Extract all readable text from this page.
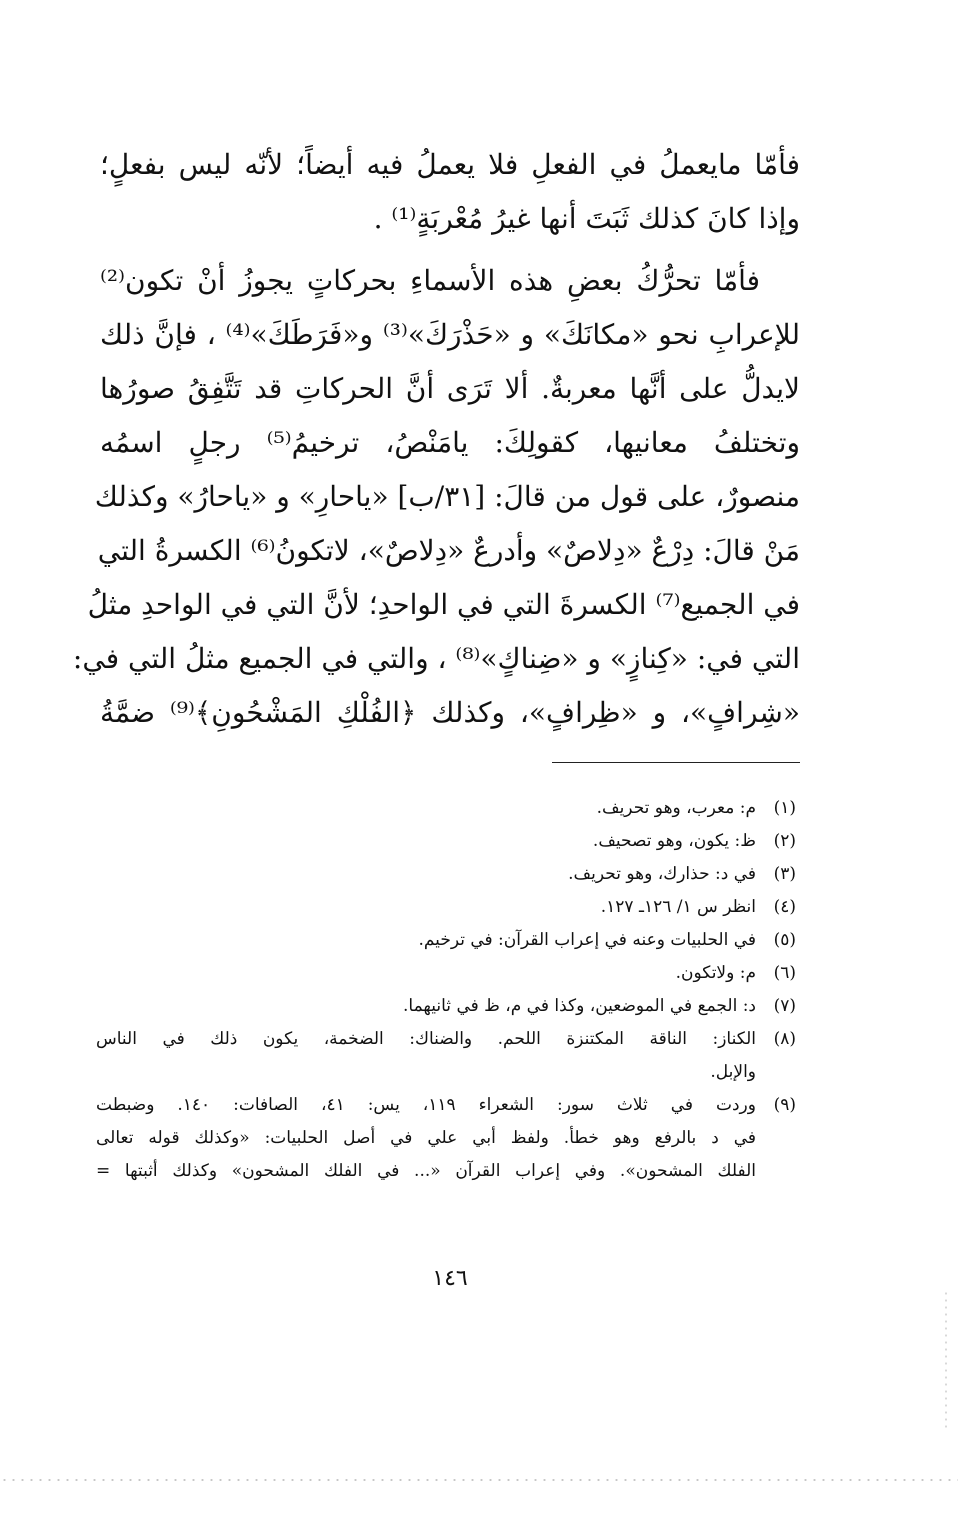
فأمّا مايعملُ في الفعلِ فلا يعملُ فيه أيضاً؛ لأنّه ليس بفعلٍ؛
وإذا كانَ كذلك ثَبَتَ أنها غيرُ مُعْربَةٍ⁽¹⁾ .

فأمّا تحرُّكُ بعضِ هذه الأسماءِ بحركاتٍ يجوزُ أنْ تكون⁽²⁾
للإعرابِ نحو «مكانَكَ» و «حَذْرَكَ»⁽³⁾ و«فَرَطَكَ»⁽⁴⁾ ، فإنَّ ذلك
لايدلُّ على أنَّها معربةٌ. ألا تَرَى أنَّ الحركاتِ قد تَتَّفِقُ صورُها
وتختلفُ معانيها، كقولِكَ: يامَنْصُ، ترخيمُ⁽⁵⁾ رجلٍ اسمُه
منصورٌ، على قول من قالَ: [٣١/ب] «ياحارِ» و «ياحارُ» وكذلك
مَنْ قالَ: دِرْعٌ «دِلاصٌ» وأدرعٌ «دِلاصٌ»، لاتكونُ⁽⁶⁾ الكسرةُ التي
في الجميع⁽⁷⁾ الكسرةَ التي في الواحدِ؛ لأنَّ التي في الواحدِ مثلُ
التي في: «كِنازٍ» و «ضِناكٍ»⁽⁸⁾ ، والتي في الجميع مثلُ التي في:
«شِرافٍ»، و «ظِرافٍ»، وكذلك ﴿الفُلْكِ المَشْحُونِ﴾⁽⁹⁾ ضمَّةُ

(١)
م: معرب، وهو تحريف.
(٢)
ظ: يكون، وهو تصحيف.
(٣)
في د: حذارك، وهو تحريف.
(٤)
انظر س ١/ ١٢٦ـ ١٢٧.
(٥)
في الحلبيات وعنه في إعراب القرآن: في ترخيم.
(٦)
م: ولاتكون.
(٧)
د: الجمع في الموضعين، وكذا في م، ظ في ثانيهما.
(٨)
الكناز: الناقة المكتنزة اللحم. والضناك: الضخمة، يكون ذلك في الناس
والإبل.
(٩)
وردت في ثلاث سور: الشعراء ١١٩، يس: ٤١، الصافات: ١٤٠. وضبطت
في د بالرفع وهو خطأ. ولفظ أبي علي في أصل الحلبيات: «وكذلك قوله تعالى
الفلك المشحون». وفي إعراب القرآن «... في الفلك المشحون» وكذلك أثبتها =
١٤٦
